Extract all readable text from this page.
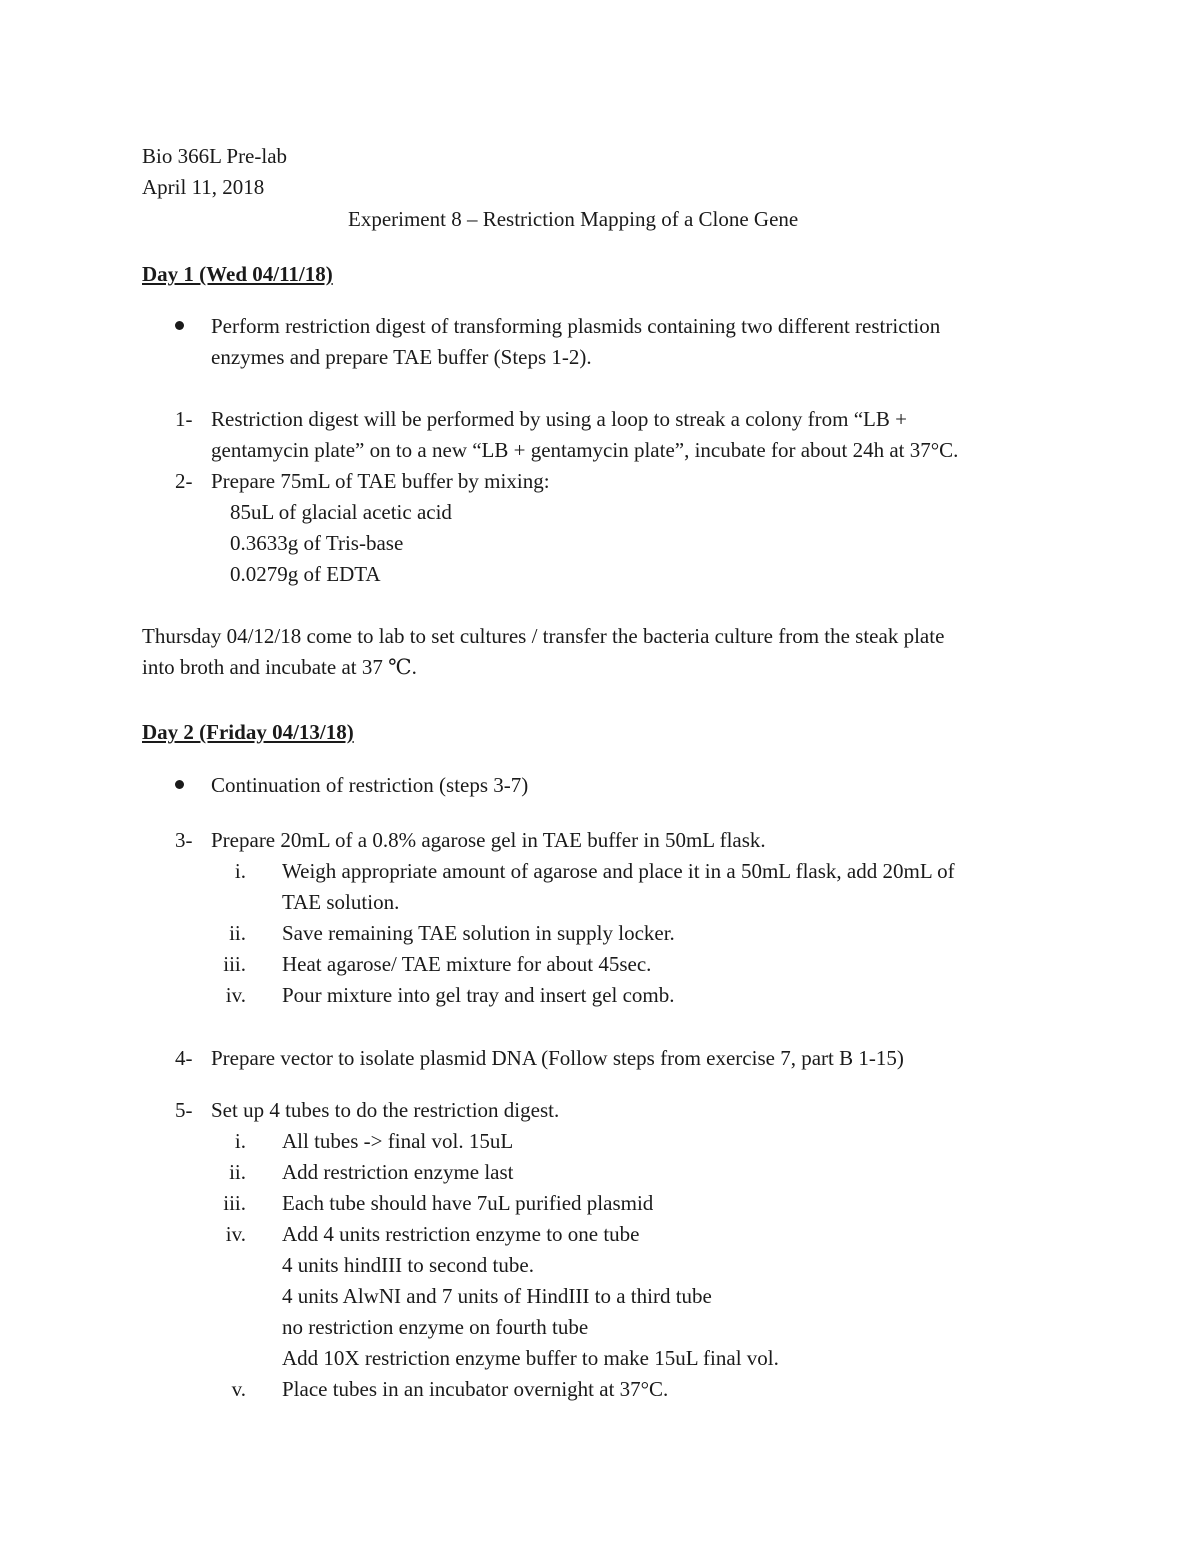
Bio 366L Pre-lab
April 11, 2018
Experiment 8 – Restriction Mapping of a Clone Gene
Day 1 (Wed 04/11/18)
Perform restriction digest of transforming plasmids containing two different restriction
enzymes and prepare TAE buffer (Steps 1-2).
1- Restriction digest will be performed by using a loop to streak a colony from “LB +
gentamycin plate” on to a new “LB + gentamycin plate”, incubate for about 24h at 37°C.
2- Prepare 75mL of TAE buffer by mixing:
85uL of glacial acetic acid
0.3633g of Tris-base
0.0279g of EDTA
Thursday 04/12/18 come to lab to set cultures / transfer the bacteria culture from the steak plate
into broth and incubate at 37 ℃.
Day 2 (Friday 04/13/18)
Continuation of restriction (steps 3-7)
3- Prepare 20mL of a 0.8% agarose gel in TAE buffer in 50mL flask.
i. Weigh appropriate amount of agarose and place it in a 50mL flask, add 20mL of
TAE solution.
ii. Save remaining TAE solution in supply locker.
iii. Heat agarose/ TAE mixture for about 45sec.
iv. Pour mixture into gel tray and insert gel comb.
4- Prepare vector to isolate plasmid DNA (Follow steps from exercise 7, part B 1-15)
5- Set up 4 tubes to do the restriction digest.
i. All tubes -> final vol. 15uL
ii. Add restriction enzyme last
iii. Each tube should have 7uL purified plasmid
iv. Add 4 units restriction enzyme to one tube
4 units hindIII to second tube.
4 units AlwNI and 7 units of HindIII to a third tube
no restriction enzyme on fourth tube
Add 10X restriction enzyme buffer to make 15uL final vol.
v. Place tubes in an incubator overnight at 37°C.
